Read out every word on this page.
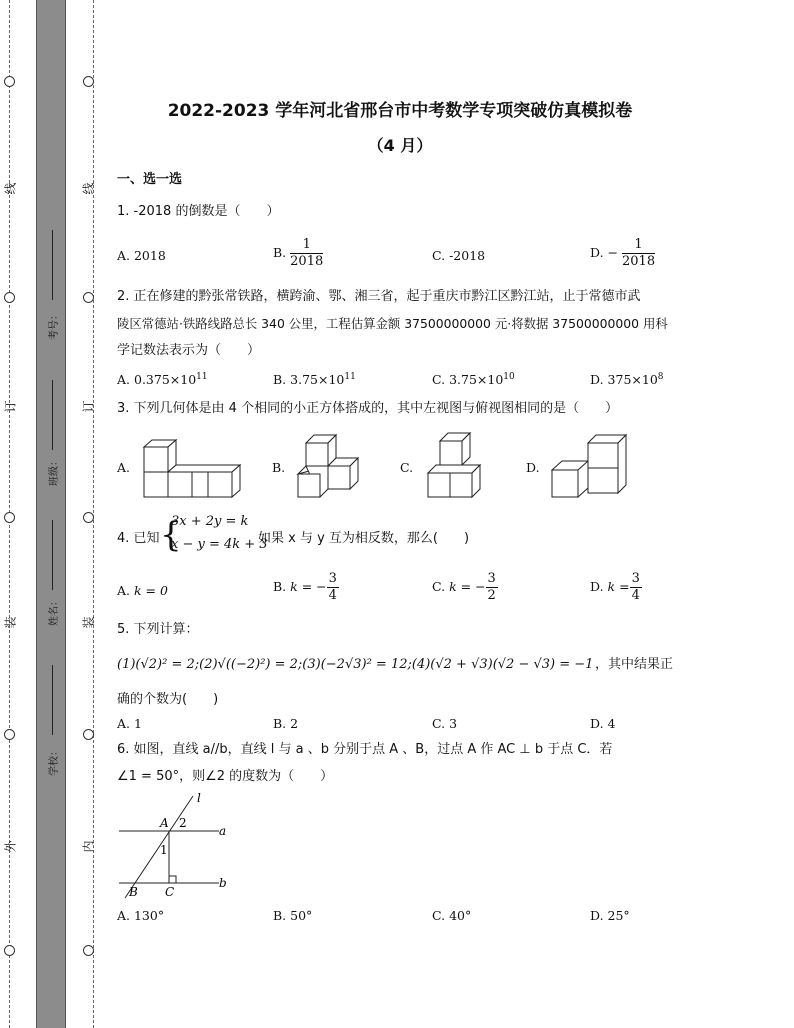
线
订
装
外
线
订
装
内
考号：
班级：
姓名：
学校：
2022-2023 学年河北省邢台市中考数学专项突破仿真模拟卷
（4 月）
一、选一选
1. -2018 的倒数是（　　）
A. 2018	B. $\frac{1}{2018}$	C. -2018	D. − $\frac{1}{2018}$
2. 正在修建的黔张常铁路，横跨渝、鄂、湘三省，起于重庆市黔江区黔江站，止于常德市武
陵区常德站·铁路线路总长 340 公里，工程估算金额 37500000000 元·将数据 37500000000 用科
学记数法表示为（　　）
A. $0.375\times 10^{11}$	B. $3.75\times 10^{11}$	C. $3.75\times 10^{10}$	D. $375\times 10^8$
3. 下列几何体是由 4 个相同的小正方体搭成的，其中左视图与俯视图相同的是（　　）
A.	B.	C.	D.
4. 已知 {
3x + 2y = k
x − y = 4k + 3
如果 x 与 y 互为相反数，那么(　　)
A. k = 0	B. k = − $\frac{3}{4}$	C. k = − $\frac{3}{2}$	D. $k = \frac{3}{4}$
5. 下列计算：
(1)(√2)² = 2;(2)√((−2)²) = 2;(3)(−2√3)² = 12;(4)(√2 + √3)(√2 − √3) = −1 ，其中结果正
确的个数为(　　)
A. 1	B. 2	C. 3	D. 4
6. 如图，直线 a//b，直线 l 与 a 、b 分别于点 A 、B，过点 A 作 AC ⊥ b 于点 C．若
∠1 = 50°，则∠2 的度数为（　　）
l
a
b
A 2
1
B C
A. 130°	B. 50°	C. 40°	D. 25°
